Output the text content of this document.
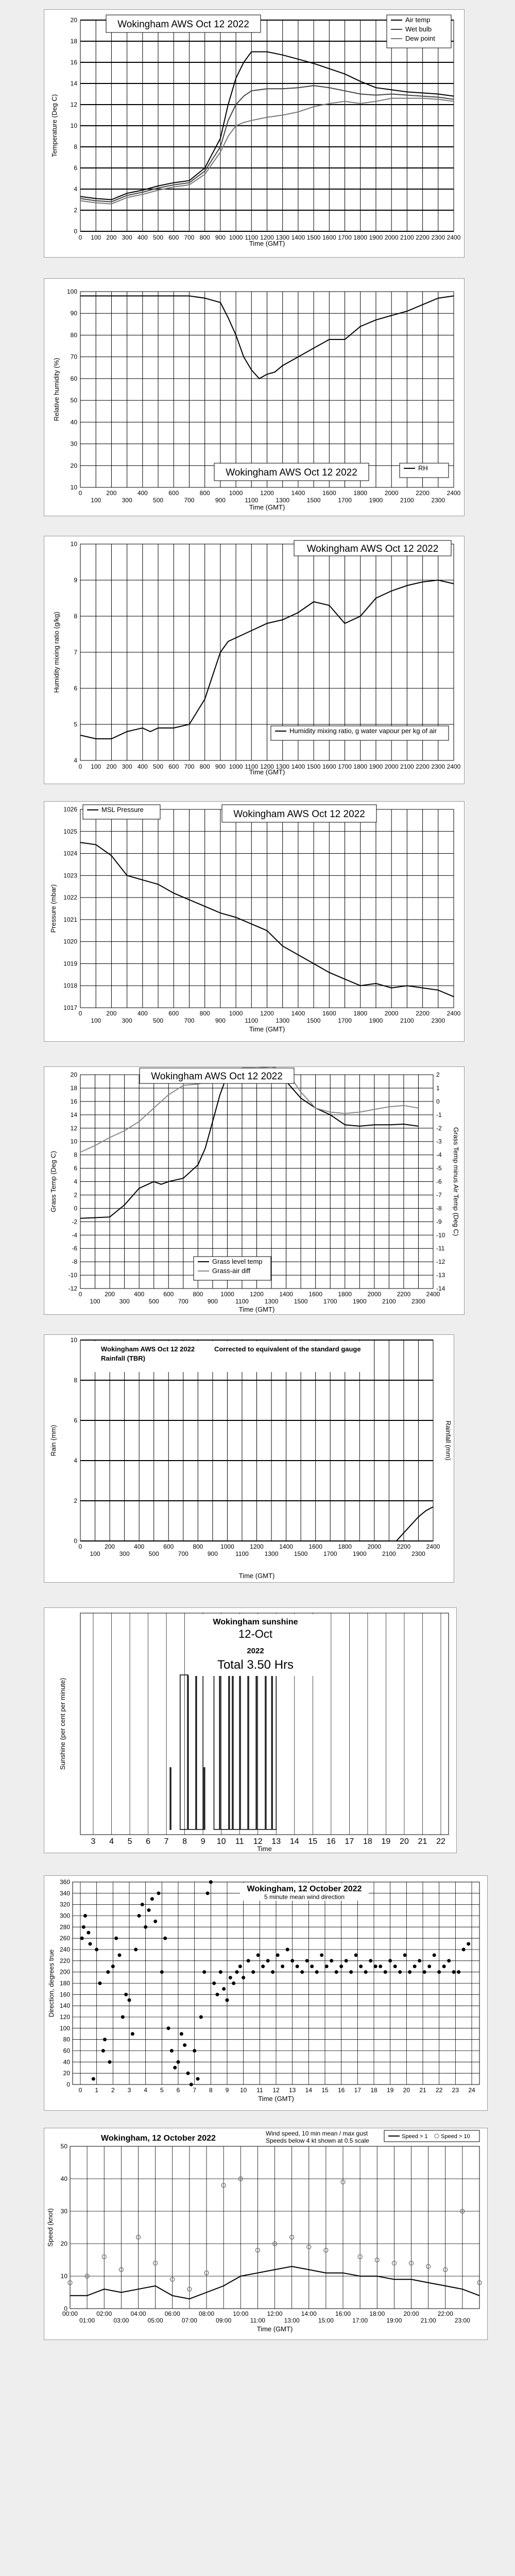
0 100 200 300 400 500 600 700 800 900 1000 1100 1200 1300 1400 1500 1600 1700 1800 1900 2000 2100 2200 2300 2400
0
2
4
6
8
10
12
14
16
18
20
Time (GMT)
Temperature (Deg C)
Wokingham AWS Oct 12 2022	Air temp
Wet bulb
Dew point
0	200	400	600	800	1000	1200	1400	1600	1800	2000	2200	2400
100	300	500	700	900	1100	1300	1500	1700	1900	2100	2300
10
20
30
40
50
60
70
80
90
100
Time (GMT)
Relative humidity (%)
Wokingham AWS Oct 12 2022	RH
0 100 200 300 400 500 600 700 800 900 1000 1100 1200 1300 1400 1500 1600 1700 1800 1900 2000 2100 2200 2300 2400
4
5
6
7
8
9
10
Time (GMT)
Humidity mixing ratio (g/kg)
Wokingham AWS Oct 12 2022
Humidity mixing ratio, g water vapour per kg of air
0	200	400	600	800	1000	1200	1400	1600	1800	2000	2200	2400
100	300	500	700	900	1100	1300	1500	1700	1900	2100	2300
1017
1018
1019
1020
1021
1022
1023
1024
1025
1026
Time (GMT)
Pressure (mbar)
Wokingham AWS Oct 12 2022
MSL Pressure
0	200	400	600	800	1000	1200	1400	1600	1800	2000	2200	2400
100	300	500	700	900	1100	1300	1500	1700	1900	2100	2300
-12
-10
-8
-6
-4
-2
0
2
4
6
8
10
12
14
16
18
20
-14
-13
-12
-11
-10
-9
-8
-7
-6
-5
-4
-3
-2
-1
0
1
2
Time (GMT)
Grass Temp (Deg C)	Grass Temp minus Air Temp (Deg C)
Wokingham AWS Oct 12 2022
Grass level temp
Grass-air diff
0	200	400	600	800	1000	1200	1400	1600	1800	2000	2200	2400
100	300	500	700	900	1100	1300	1500	1700	1900	2100	2300
0
2
4
6
8
10
Time (GMT)
Rain (mm)	Rainfall (mm)
Wokingham AWS Oct 12 2022
Rainfall (TBR)
Corrected to equivalent of the standard gauge
3 4 5 6 7 8 9 10 11 12 13 14 15 16 17 18 19 20 21 22
Time
Sunshine (per cent per minute)
Wokingham sunshine
12-Oct
2022
Total 3.50 Hrs
0 1 2 3 4 5 6 7 8 9 10 11 12 13 14 15 16 17 18 19 20 21 22 23 24
0
20
40
60
80
100
120
140
160
180
200
220
240
260
280
300
320
340
360
Time (GMT)
Direction, degrees true
Wokingham, 12 October 2022
5 minute mean wind direction
00:00	02:00	04:00	06:00	08:00	10:00	12:00	14:00	16:00	18:00	20:00	22:00
01:00	03:00	05:00	07:00	09:00	11:00	13:00	15:00	17:00	19:00	21:00	23:00
0
10
20
30
40
50
Time (GMT)
Speed (knot)
Wokingham, 12 October 2022
Wind speed, 10 min mean / max gust
Speeds below 4 kt shown at 0.5 scale
Speed > 1 Speed > 10
